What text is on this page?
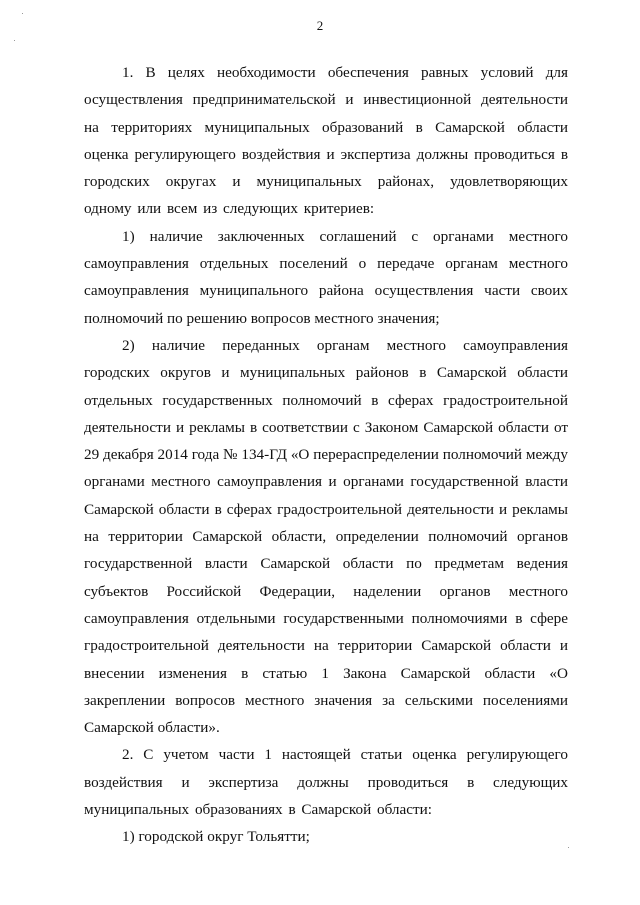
2

1. В целях необходимости обеспечения равных условий для осуществления предпринимательской и инвестиционной деятельности на территориях муниципальных образований в Самарской области оценка регулирующего воздействия и экспертиза должны проводиться в городских округах и муниципальных районах, удовлетворяющих одному или всем из следующих критериев:

1) наличие заключенных соглашений с органами местного самоуправления отдельных поселений о передаче органам местного самоуправления муниципального района осуществления части своих полномочий по решению вопросов местного значения;

2) наличие переданных органам местного самоуправления городских округов и муниципальных районов в Самарской области отдельных государственных полномочий в сферах градостроительной деятельности и рекламы в соответствии с Законом Самарской области от 29 декабря 2014 года № 134-ГД «О перераспределении полномочий между органами местного самоуправления и органами государственной власти Самарской области в сферах градостроительной деятельности и рекламы на территории Самарской области, определении полномочий органов государственной власти Самарской области по предметам ведения субъектов Российской Федерации, наделении органов местного самоуправления отдельными государственными полномочиями в сфере градостроительной деятельности на территории Самарской области и внесении изменения в статью 1 Закона Самарской области «О закреплении вопросов местного значения за сельскими поселениями Самарской области».

2. С учетом части 1 настоящей статьи оценка регулирующего воздействия и экспертиза должны проводиться в следующих муниципальных образованиях в Самарской области:

1) городской округ Тольятти;
